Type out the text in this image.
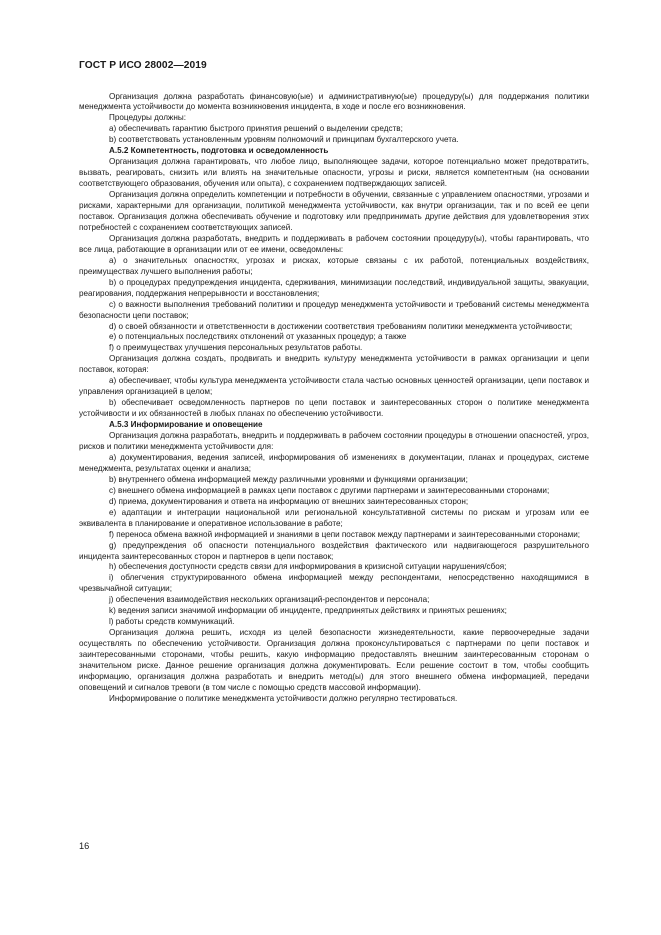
ГОСТ Р ИСО 28002—2019

Организация должна разработать финансовую(ые) и административную(ые) процедуру(ы) для поддержания политики менеджмента устойчивости до момента возникновения инцидента, в ходе и после его возникновения.

Процедуры должны:

a) обеспечивать гарантию быстрого принятия решений о выделении средств;

b) соответствовать установленным уровням полномочий и принципам бухгалтерского учета.

A.5.2 Компетентность, подготовка и осведомленность

Организация должна гарантировать, что любое лицо, выполняющее задачи, которое потенциально может предотвратить, вызвать, реагировать, снизить или влиять на значительные опасности, угрозы и риски, является компетентным (на основании соответствующего образования, обучения или опыта), с сохранением подтверждающих записей.

Организация должна определить компетенции и потребности в обучении, связанные с управлением опасностями, угрозами и рисками, характерными для организации, политикой менеджмента устойчивости, как внутри организации, так и по всей ее цепи поставок. Организация должна обеспечивать обучение и подготовку или предпринимать другие действия для удовлетворения этих потребностей с сохранением соответствующих записей.

Организация должна разработать, внедрить и поддерживать в рабочем состоянии процедуру(ы), чтобы гарантировать, что все лица, работающие в организации или от ее имени, осведомлены:

a) о значительных опасностях, угрозах и рисках, которые связаны с их работой, потенциальных воздействиях, преимуществах лучшего выполнения работы;

b) о процедурах предупреждения инцидента, сдерживания, минимизации последствий, индивидуальной защиты, эвакуации, реагирования, поддержания непрерывности и восстановления;

c) о важности выполнения требований политики и процедур менеджмента устойчивости и требований системы менеджмента безопасности цепи поставок;

d) о своей обязанности и ответственности в достижении соответствия требованиям политики менеджмента устойчивости;

e) о потенциальных последствиях отклонений от указанных процедур; а также

f) о преимуществах улучшения персональных результатов работы.

Организация должна создать, продвигать и внедрить культуру менеджмента устойчивости в рамках организации и цепи поставок, которая:

a) обеспечивает, чтобы культура менеджмента устойчивости стала частью основных ценностей организации, цепи поставок и управления организацией в целом;

b) обеспечивает осведомленность партнеров по цепи поставок и заинтересованных сторон о политике менеджмента устойчивости и их обязанностей в любых планах по обеспечению устойчивости.

A.5.3 Информирование и оповещение

Организация должна разработать, внедрить и поддерживать в рабочем состоянии процедуры в отношении опасностей, угроз, рисков и политики менеджмента устойчивости для:

a) документирования, ведения записей, информирования об изменениях в документации, планах и процедурах, системе менеджмента, результатах оценки и анализа;

b) внутреннего обмена информацией между различными уровнями и функциями организации;

c) внешнего обмена информацией в рамках цепи поставок с другими партнерами и заинтересованными сторонами;

d) приема, документирования и ответа на информацию от внешних заинтересованных сторон;

e) адаптации и интеграции национальной или региональной консультативной системы по рискам и угрозам или ее эквивалента в планирование и оперативное использование в работе;

f) переноса обмена важной информацией и знаниями в цепи поставок между партнерами и заинтересованными сторонами;

g) предупреждения об опасности потенциального воздействия фактического или надвигающегося разрушительного инцидента заинтересованных сторон и партнеров в цепи поставок;

h) обеспечения доступности средств связи для информирования в кризисной ситуации нарушения/сбоя;

i) облегчения структурированного обмена информацией между респондентами, непосредственно находящимися в чрезвычайной ситуации;

j) обеспечения взаимодействия нескольких организаций-респондентов и персонала;

k) ведения записи значимой информации об инциденте, предпринятых действиях и принятых решениях;

l) работы средств коммуникаций.

Организация должна решить, исходя из целей безопасности жизнедеятельности, какие первоочередные задачи осуществлять по обеспечению устойчивости. Организация должна проконсультироваться с партнерами по цепи поставок и заинтересованными сторонами, чтобы решить, какую информацию предоставлять внешним заинтересованным сторонам о значительном риске. Данное решение организация должна документировать. Если решение состоит в том, чтобы сообщить информацию, организация должна разработать и внедрить метод(ы) для этого внешнего обмена информацией, передачи оповещений и сигналов тревоги (в том числе с помощью средств массовой информации).

Информирование о политике менеджмента устойчивости должно регулярно тестироваться.

16
